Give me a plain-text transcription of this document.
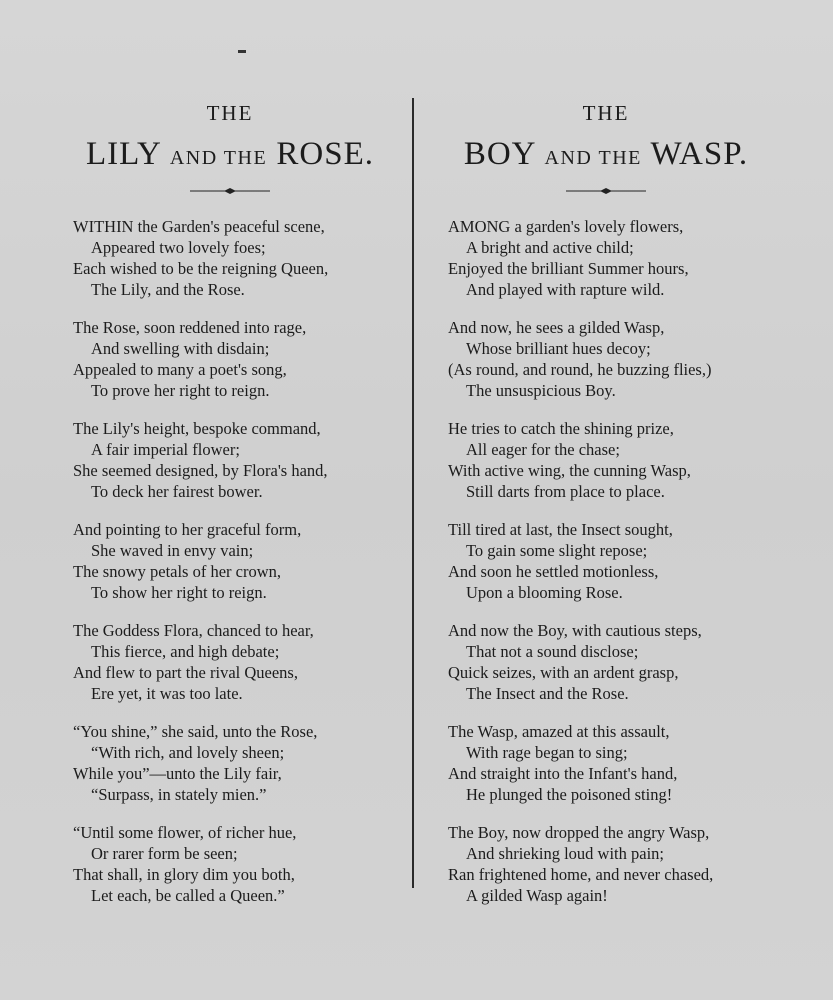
THE
LILY AND THE ROSE.
WITHIN the Garden's peaceful scene,
Appeared two lovely foes;
Each wished to be the reigning Queen,
The Lily, and the Rose.
The Rose, soon reddened into rage,
And swelling with disdain;
Appealed to many a poet's song,
To prove her right to reign.
The Lily's height, bespoke command,
A fair imperial flower;
She seemed designed, by Flora's hand,
To deck her fairest bower.
And pointing to her graceful form,
She waved in envy vain;
The snowy petals of her crown,
To show her right to reign.
The Goddess Flora, chanced to hear,
This fierce, and high debate;
And flew to part the rival Queens,
Ere yet, it was too late.
“You shine,” she said, unto the Rose,
“With rich, and lovely sheen;
While you”—unto the Lily fair,
“Surpass, in stately mien.”
“Until some flower, of richer hue,
Or rarer form be seen;
That shall, in glory dim you both,
Let each, be called a Queen.”
THE
BOY AND THE WASP.
AMONG a garden's lovely flowers,
A bright and active child;
Enjoyed the brilliant Summer hours,
And played with rapture wild.
And now, he sees a gilded Wasp,
Whose brilliant hues decoy;
(As round, and round, he buzzing flies,)
The unsuspicious Boy.
He tries to catch the shining prize,
All eager for the chase;
With active wing, the cunning Wasp,
Still darts from place to place.
Till tired at last, the Insect sought,
To gain some slight repose;
And soon he settled motionless,
Upon a blooming Rose.
And now the Boy, with cautious steps,
That not a sound disclose;
Quick seizes, with an ardent grasp,
The Insect and the Rose.
The Wasp, amazed at this assault,
With rage began to sing;
And straight into the Infant's hand,
He plunged the poisoned sting!
The Boy, now dropped the angry Wasp,
And shrieking loud with pain;
Ran frightened home, and never chased,
A gilded Wasp again!
